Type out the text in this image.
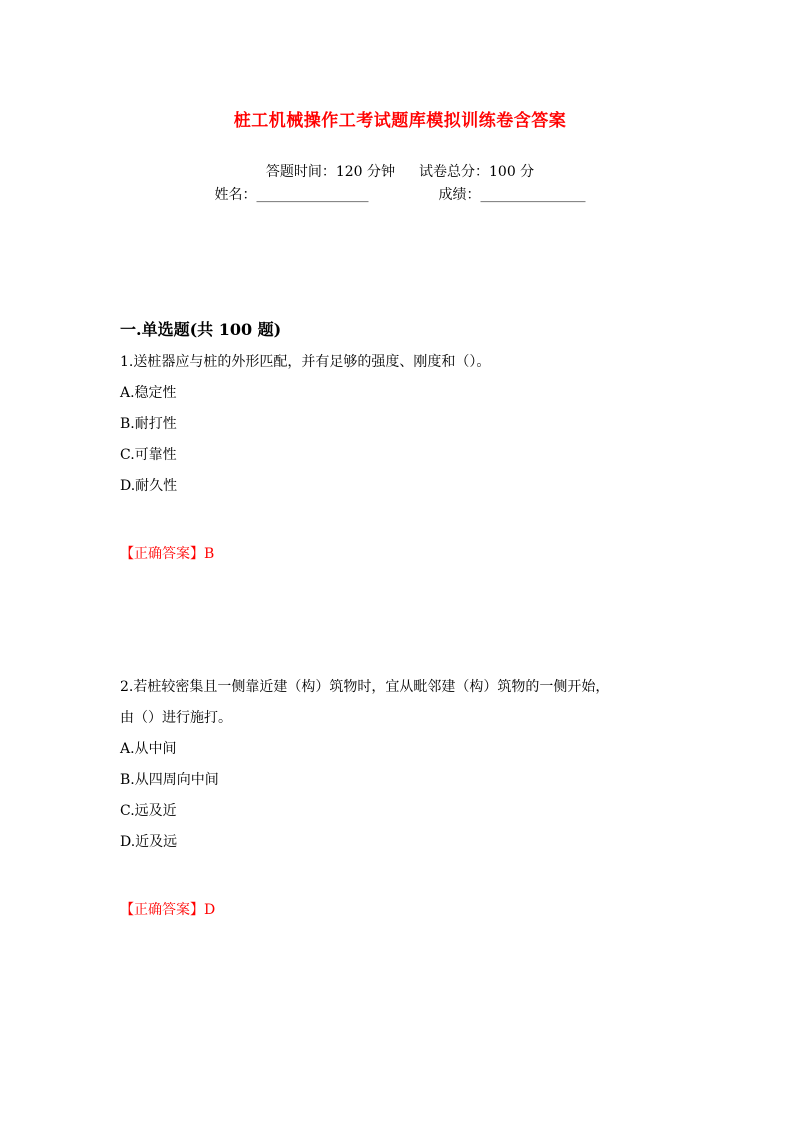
桩工机械操作工考试题库模拟训练卷含答案
答题时间：120 分钟 试卷总分：100 分
姓名：________________	成绩：_______________
一.单选题(共 100 题)
1.送桩器应与桩的外形匹配，并有足够的强度、刚度和（）。
A.稳定性
B.耐打性
C.可靠性
D.耐久性
【正确答案】B
2.若桩较密集且一侧靠近建（构）筑物时，宜从毗邻建（构）筑物的一侧开始，
由（）进行施打。
A.从中间
B.从四周向中间
C.远及近
D.近及远
【正确答案】D
